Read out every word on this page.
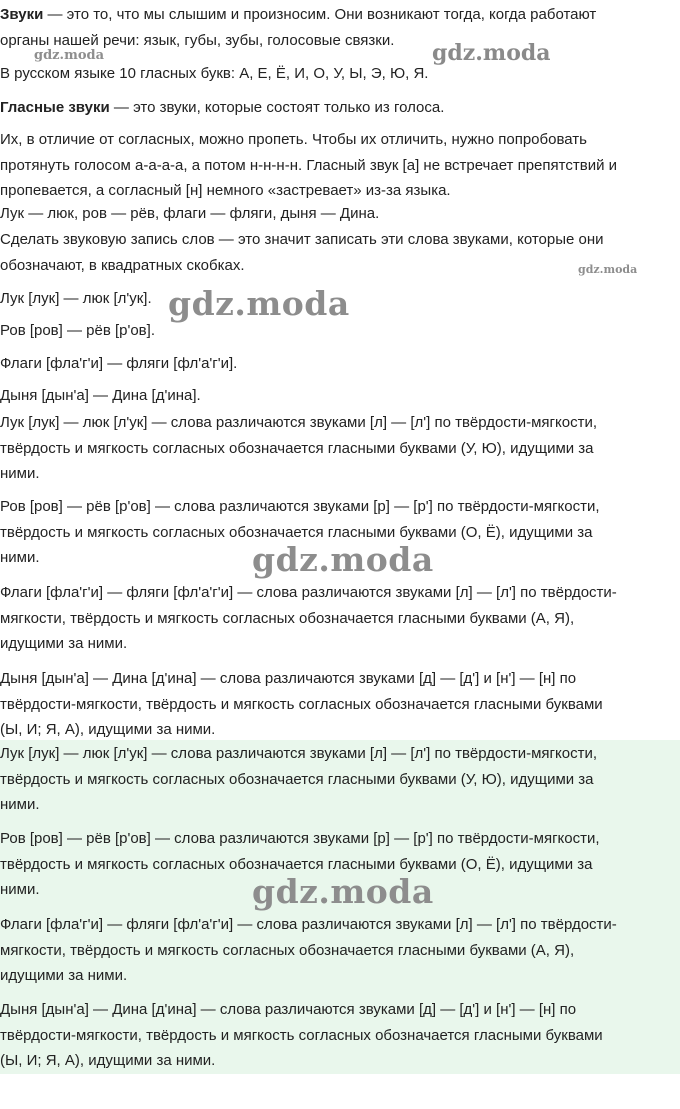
Звуки — это то, что мы слышим и произносим. Они возникают тогда, когда работают
органы нашей речи: язык, губы, зубы, голосовые связки.
В русском языке 10 гласных букв: А, Е, Ё, И, О, У, Ы, Э, Ю, Я.
Гласные звуки — это звуки, которые состоят только из голоса.
Их, в отличие от согласных, можно пропеть. Чтобы их отличить, нужно попробовать
протянуть голосом а-а-а-а, а потом н-н-н-н. Гласный звук [а] не встречает препятствий и
пропевается, а согласный [н] немного «застревает» из-за языка.
Лук — люк, ров — рёв, флаги — фляги, дыня — Дина.
Сделать звуковую запись слов — это значит записать эти слова звуками, которые они
обозначают, в квадратных скобках.
Лук [лук] — люк [л'ук].
Ров [ров] — рёв [р'ов].
Флаги [фла'г'и] — фляги [фл'а'г'и].
Дыня [дын'а] — Дина [д'ина].
Лук [лук] — люк [л'ук] — слова различаются звуками [л] — [л'] по твёрдости-мягкости,
твёрдость и мягкость согласных обозначается гласными буквами (У, Ю), идущими за
ними.
Ров [ров] — рёв [р'ов] — слова различаются звуками [р] — [р'] по твёрдости-мягкости,
твёрдость и мягкость согласных обозначается гласными буквами (О, Ё), идущими за
ними.
Флаги [фла'г'и] — фляги [фл'а'г'и] — слова различаются звуками [л] — [л'] по твёрдости-
мягкости, твёрдость и мягкость согласных обозначается гласными буквами (А, Я),
идущими за ними.
Дыня [дын'а] — Дина [д'ина] — слова различаются звуками [д] — [д'] и [н'] — [н] по
твёрдости-мягкости, твёрдость и мягкость согласных обозначается гласными буквами
(Ы, И; Я, А), идущими за ними.
Лук [лук] — люк [л'ук] — слова различаются звуками [л] — [л'] по твёрдости-мягкости,
твёрдость и мягкость согласных обозначается гласными буквами (У, Ю), идущими за
ними.
Ров [ров] — рёв [р'ов] — слова различаются звуками [р] — [р'] по твёрдости-мягкости,
твёрдость и мягкость согласных обозначается гласными буквами (О, Ё), идущими за
ними.
Флаги [фла'г'и] — фляги [фл'а'г'и] — слова различаются звуками [л] — [л'] по твёрдости-
мягкости, твёрдость и мягкость согласных обозначается гласными буквами (А, Я),
идущими за ними.
Дыня [дын'а] — Дина [д'ина] — слова различаются звуками [д] — [д'] и [н'] — [н] по
твёрдости-мягкости, твёрдость и мягкость согласных обозначается гласными буквами
(Ы, И; Я, А), идущими за ними.
gdz.moda	gdz.moda
gdz.moda
gdz.moda
gdz.moda
gdz.moda
